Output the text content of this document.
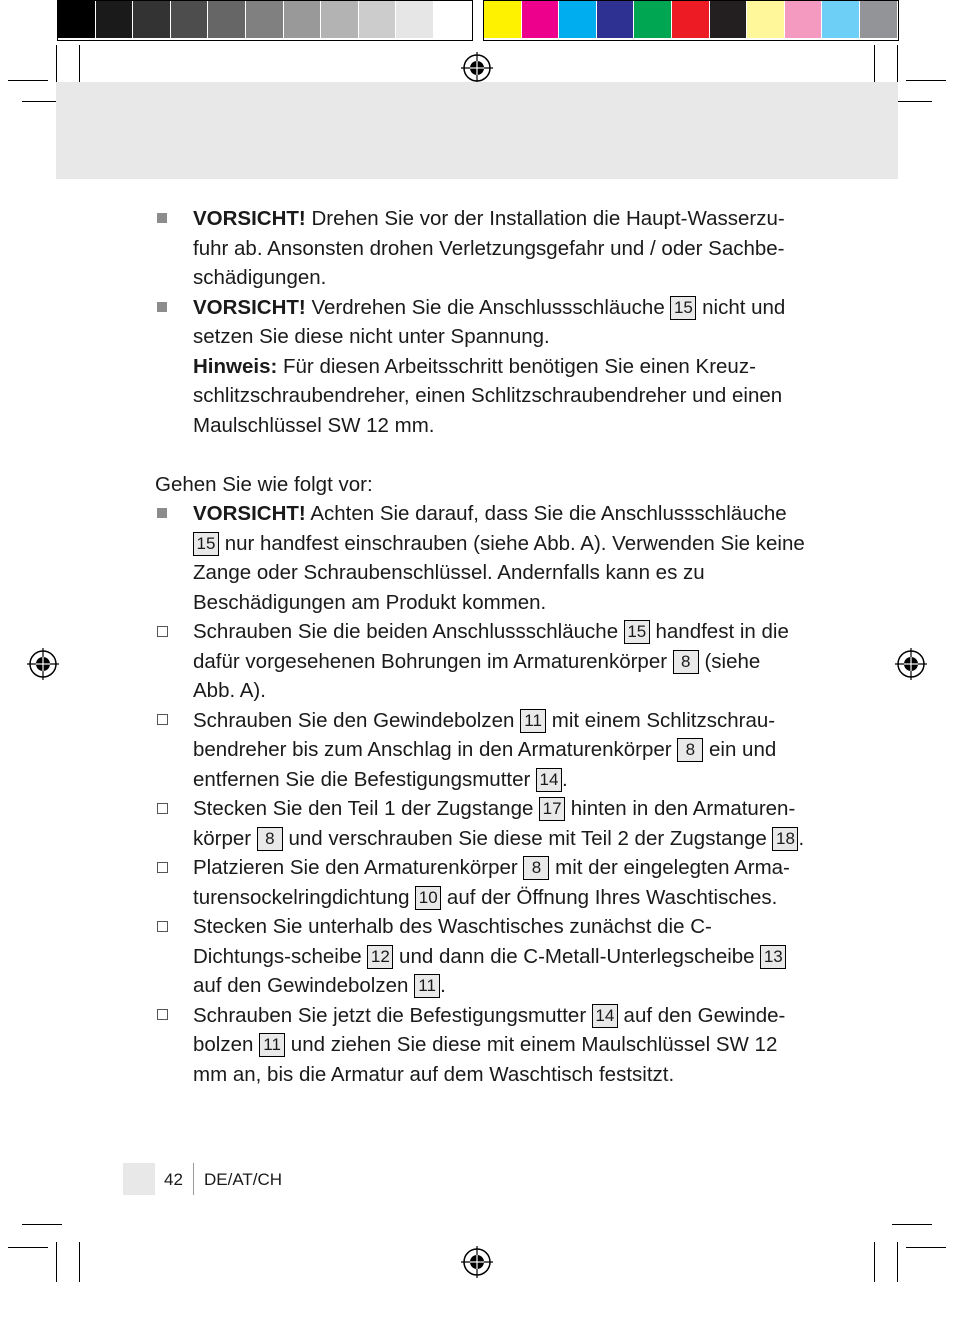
VORSICHT! Drehen Sie vor der Installation die Haupt-Wasserzu-fuhr ab. Ansonsten drohen Verletzungsgefahr und / oder Sachbe-schädigungen.
VORSICHT! Verdrehen Sie die Anschlussschläuche 15 nicht und setzen Sie diese nicht unter Spannung.
Hinweis: Für diesen Arbeitsschritt benötigen Sie einen Kreuz-schlitzschraubendreher, einen Schlitzschraubendreher und einen Maulschlüssel SW 12 mm.
Gehen Sie wie folgt vor:
VORSICHT! Achten Sie darauf, dass Sie die Anschlussschläuche 15 nur handfest einschrauben (siehe Abb. A). Verwenden Sie keine Zange oder Schraubenschlüssel. Andernfalls kann es zu Beschädigungen am Produkt kommen.
Schrauben Sie die beiden Anschlussschläuche 15 handfest in die dafür vorgesehenen Bohrungen im Armaturenkörper 8 (siehe Abb. A).
Schrauben Sie den Gewindebolzen 11 mit einem Schlitzschrau-bendreher bis zum Anschlag in den Armaturenkörper 8 ein und entfernen Sie die Befestigungsmutter 14 .
Stecken Sie den Teil 1 der Zugstange 17 hinten in den Armaturen-körper 8 und verschrauben Sie diese mit Teil 2 der Zugstange 18 .
Platzieren Sie den Armaturenkörper 8 mit der eingelegten Arma-turensockelringdichtung 10 auf der Öffnung Ihres Waschtisches.
Stecken Sie unterhalb des Waschtisches zunächst die C-Dichtungs-scheibe 12 und dann die C-Metall-Unterlegscheibe 13 auf den Gewindebolzen 11 .
Schrauben Sie jetzt die Befestigungsmutter 14 auf den Gewinde-bolzen 11 und ziehen Sie diese mit einem Maulschlüssel SW 12 mm an, bis die Armatur auf dem Waschtisch festsitzt.
42 DE/AT/CH
